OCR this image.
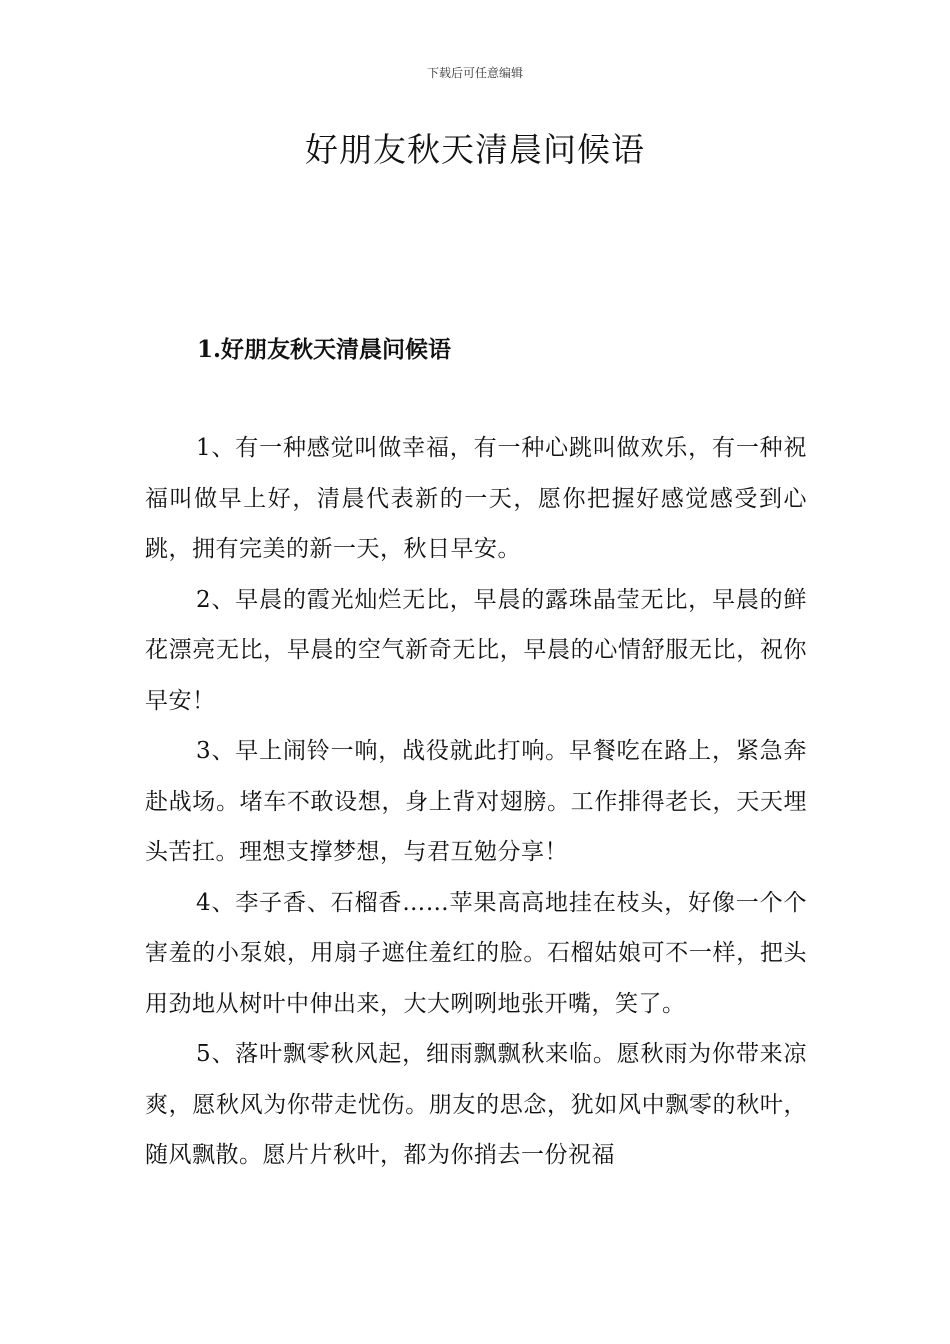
下载后可任意编辑
好朋友秋天清晨问候语
1.好朋友秋天清晨问候语

1、有一种感觉叫做幸福，有一种心跳叫做欢乐，有一种祝福叫做早上好，清晨代表新的一天，愿你把握好感觉感受到心跳，拥有完美的新一天，秋日早安。

2、早晨的霞光灿烂无比，早晨的露珠晶莹无比，早晨的鲜花漂亮无比，早晨的空气新奇无比，早晨的心情舒服无比，祝你早安！

3、早上闹铃一响，战役就此打响。早餐吃在路上，紧急奔赴战场。堵车不敢设想，身上背对翅膀。工作排得老长，天天埋头苦扛。理想支撑梦想，与君互勉分享！

4、李子香、石榴香……苹果高高地挂在枝头，好像一个个害羞的小泵娘，用扇子遮住羞红的脸。石榴姑娘可不一样，把头用劲地从树叶中伸出来，大大咧咧地张开嘴，笑了。

5、落叶飘零秋风起，细雨飘飘秋来临。愿秋雨为你带来凉爽，愿秋风为你带走忧伤。朋友的思念，犹如风中飘零的秋叶，随风飘散。愿片片秋叶，都为你捎去一份祝福
